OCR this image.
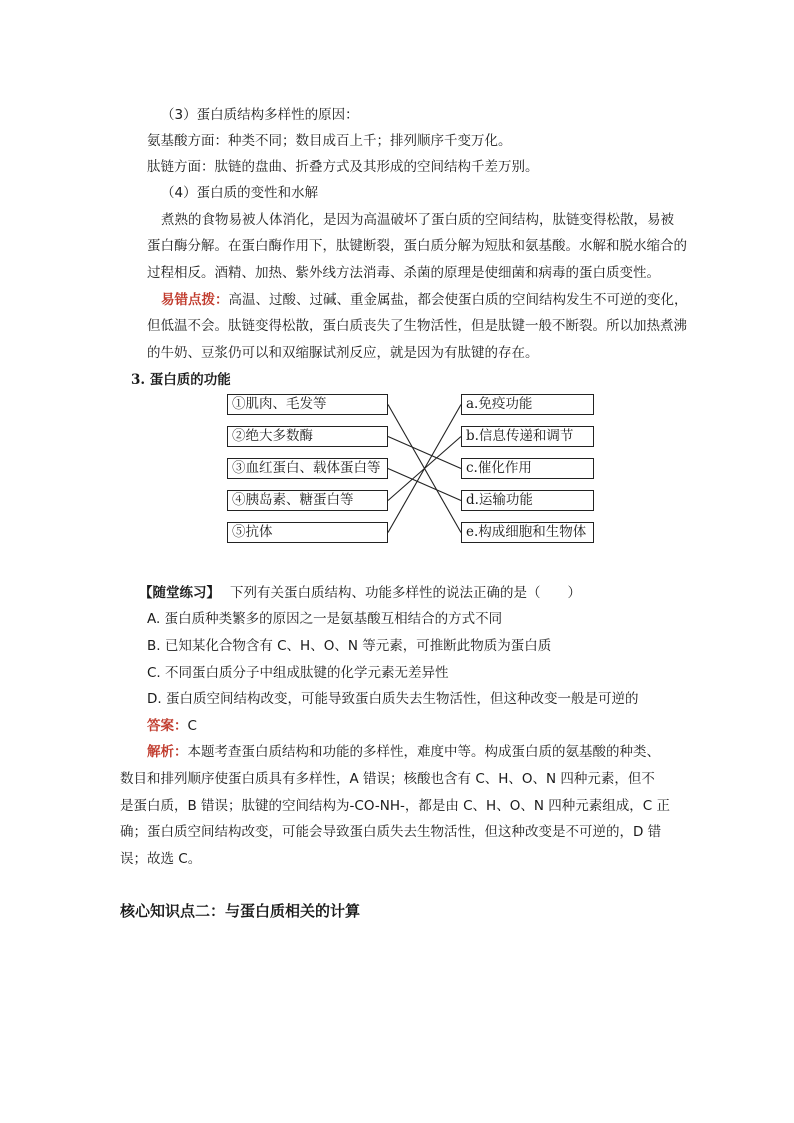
（3）蛋白质结构多样性的原因：
氨基酸方面：种类不同；数目成百上千；排列顺序千变万化。
肽链方面：肽链的盘曲、折叠方式及其形成的空间结构千差万别。
（4）蛋白质的变性和水解
煮熟的食物易被人体消化，是因为高温破坏了蛋白质的空间结构，肽链变得松散，易被
蛋白酶分解。在蛋白酶作用下，肽键断裂，蛋白质分解为短肽和氨基酸。水解和脱水缩合的
过程相反。酒精、加热、紫外线方法消毒、杀菌的原理是使细菌和病毒的蛋白质变性。
易错点拨：高温、过酸、过碱、重金属盐，都会使蛋白质的空间结构发生不可逆的变化，
但低温不会。肽链变得松散，蛋白质丧失了生物活性，但是肽键一般不断裂。所以加热煮沸
的牛奶、豆浆仍可以和双缩脲试剂反应，就是因为有肽键的存在。
3. 蛋白质的功能
①肌肉、毛发等
②绝大多数酶
③血红蛋白、载体蛋白等
④胰岛素、糖蛋白等
⑤抗体
a.免疫功能
b.信息传递和调节
c.催化作用
d.运输功能
e.构成细胞和生物体
【随堂练习】 下列有关蛋白质结构、功能多样性的说法正确的是（　　）
A. 蛋白质种类繁多的原因之一是氨基酸互相结合的方式不同
B. 已知某化合物含有 C、H、O、N 等元素，可推断此物质为蛋白质
C. 不同蛋白质分子中组成肽键的化学元素无差异性
D. 蛋白质空间结构改变，可能导致蛋白质失去生物活性，但这种改变一般是可逆的
答案：C
解析：本题考查蛋白质结构和功能的多样性，难度中等。构成蛋白质的氨基酸的种类、
数目和排列顺序使蛋白质具有多样性，A 错误；核酸也含有 C、H、O、N 四种元素，但不
是蛋白质，B 错误；肽键的空间结构为-CO-NH-，都是由 C、H、O、N 四种元素组成，C 正
确；蛋白质空间结构改变，可能会导致蛋白质失去生物活性，但这种改变是不可逆的，D 错
误；故选 C。
核心知识点二：与蛋白质相关的计算
